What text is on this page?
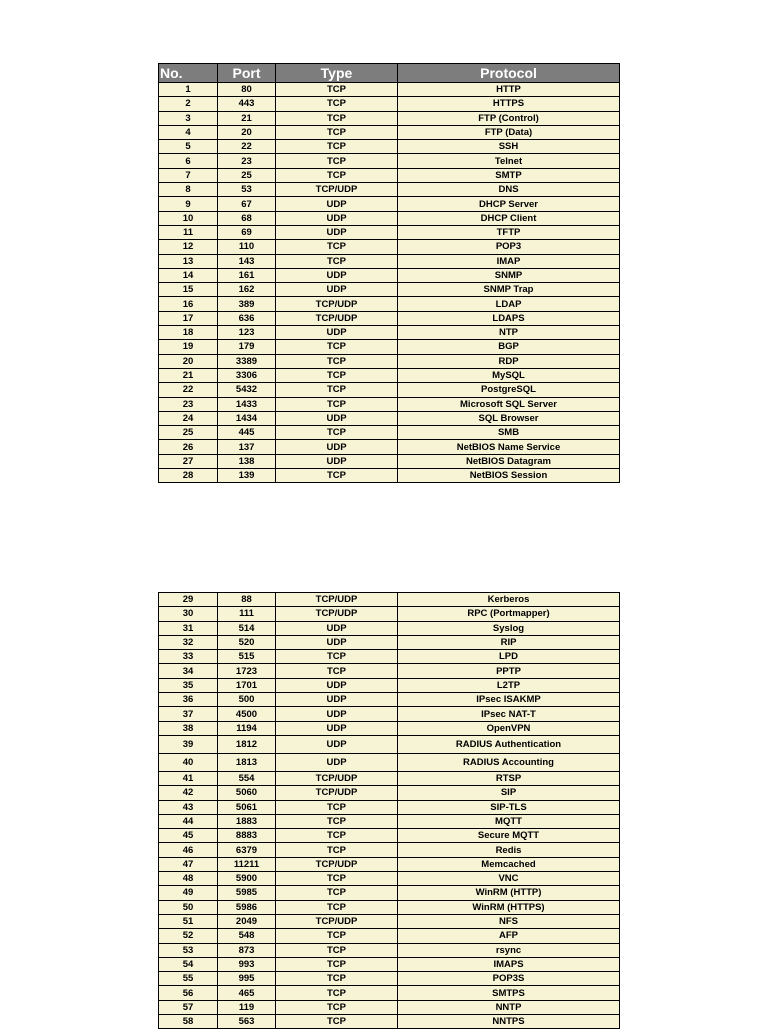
No.	Port	Type	Protocol
1	80	TCP	HTTP
2	443	TCP	HTTPS
3	21	TCP	FTP (Control)
4	20	TCP	FTP (Data)
5	22	TCP	SSH
6	23	TCP	Telnet
7	25	TCP	SMTP
8	53	TCP/UDP	DNS
9	67	UDP	DHCP Server
10	68	UDP	DHCP Client
11	69	UDP	TFTP
12	110	TCP	POP3
13	143	TCP	IMAP
14	161	UDP	SNMP
15	162	UDP	SNMP Trap
16	389	TCP/UDP	LDAP
17	636	TCP/UDP	LDAPS
18	123	UDP	NTP
19	179	TCP	BGP
20	3389	TCP	RDP
21	3306	TCP	MySQL
22	5432	TCP	PostgreSQL
23	1433	TCP	Microsoft SQL Server
24	1434	UDP	SQL Browser
25	445	TCP	SMB
26	137	UDP	NetBIOS Name Service
27	138	UDP	NetBIOS Datagram
28	139	TCP	NetBIOS Session
29	88	TCP/UDP	Kerberos
30	111	TCP/UDP	RPC (Portmapper)
31	514	UDP	Syslog
32	520	UDP	RIP
33	515	TCP	LPD
34	1723	TCP	PPTP
35	1701	UDP	L2TP
36	500	UDP	IPsec ISAKMP
37	4500	UDP	IPsec NAT-T
38	1194	UDP	OpenVPN
39	1812	UDP	RADIUS Authentication
40	1813	UDP	RADIUS Accounting
41	554	TCP/UDP	RTSP
42	5060	TCP/UDP	SIP
43	5061	TCP	SIP-TLS
44	1883	TCP	MQTT
45	8883	TCP	Secure MQTT
46	6379	TCP	Redis
47	11211	TCP/UDP	Memcached
48	5900	TCP	VNC
49	5985	TCP	WinRM (HTTP)
50	5986	TCP	WinRM (HTTPS)
51	2049	TCP/UDP	NFS
52	548	TCP	AFP
53	873	TCP	rsync
54	993	TCP	IMAPS
55	995	TCP	POP3S
56	465	TCP	SMTPS
57	119	TCP	NNTP
58	563	TCP	NNTPS
